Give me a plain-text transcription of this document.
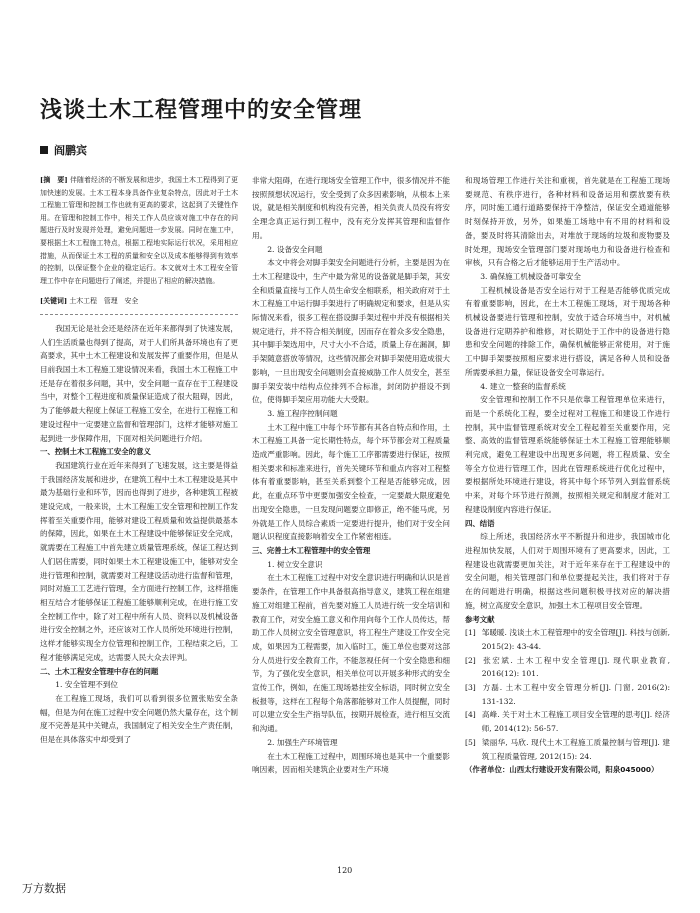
浅谈土木工程管理中的安全管理
阎鹏宾

[摘　要] 伴随着经济的不断发展和进步，我国土木工程得到了更加快速的发展。土木工程本身具备作业复杂特点，因此对于土木工程施工管理和控制工作也就有更高的要求，这起到了关键性作用。在管理和控制工作中，相关工作人员应该对施工中存在的问题进行及时发现并处理，避免问题进一步发展。同时在施工中，要根据土木工程施工特点，根据工程地实际运行状况，采用相应措施，从而保证土木工程的质量和安全以及成本能够得到有效率的控制，以保证整个企业的稳定运行。本文就对土木工程安全管理工作中存在问题进行了阐述，并提出了相应的解决措施。

[关键词] 土木工程　管理　安全

我国无论是社会还是经济在近年来都得到了快速发展，人们生活质量也得到了提高，对于人们所具备环境也有了更高要求，其中土木工程建设和发展发挥了重要作用，但是从目前我国土木工程施工建设情况来看，我国土木工程施工中还是存在着很多问题，其中，安全问题一直存在于工程建设当中，对整个工程进度和质量保证造成了很大阻碍，因此，为了能够最大程度上保证工程施工安全，在进行工程施工和建设过程中一定要建立监督和管理部门，这样才能够对施工起到进一步保障作用，下面对相关问题进行介绍。

一、控制土木工程施工安全的意义

我国建筑行业在近年来得到了飞速发展，这主要是得益于我国经济发展和进步，在建筑工程中土木工程建设是其中最为基础行业和环节，因而也得到了进步，各种建筑工程被建设完成，一般来说，土木工程施工安全管理和控制工作发挥着至关重要作用，能够对建设工程质量和效益提供最基本的保障，因此，如果在土木工程建设中能够保证安全完成，就需要在工程施工中首先建立质量管理系统，保证工程达到人们居住需要，同时如果土木工程建设施工中，能够对安全进行管理和控制，就需要对工程建设活动进行监督和管理，同时对施工工艺进行管理，全方面进行控制工作，这样措施相互结合才能够保证工程施工能够顺利完成，在进行施工安全控制工作中，除了对工程中所有人员、资料以及机械设备进行安全控制之外，还应该对工作人员所处环境进行控制，这样才能够实现全方位管理和控制工作，工程结束之后，工程才能够满足完成，达需要人民大众去评判。

二、土木工程安全管理中存在的问题

1. 安全管理不到位

在工程施工现场，我们可以看到很多位置张贴安全条幅，但是为何在施工过程中安全问题仍然大量存在，这个制度不完善是其中关键点，我国制定了相关安全生产责任制，但是在具体落实中却受到了

非常大阻碍，在进行现场安全管理工作中，很多情况并不能按照预想状况运行，安全受到了众多因素影响，从根本上来说，就是相关制度和机构没有完善，相关负责人员没有将安全理念真正运行到工程中，没有充分发挥其管理和监督作用。

2. 设备安全问题

本文中将会对脚手架安全问题进行分析，主要是因为在土木工程建设中，生产中最为常见的设备就是脚手架，其安全和质量直接与工作人员生命安全相联系，相关政府对于土木工程施工中运行脚手架进行了明确规定和要求，但是从实际情况来看，很多工程在搭设脚手架过程中并没有根据相关规定进行，并不符合相关制度，因而存在着众多安全隐患，其中脚手架选用中，尺寸大小不合适，质量上存在漏洞，脚手架随意搭放等情况，这些情况都会对脚手架使用造成很大影响，一旦出现安全问题则会直接威胁工作人员安全，甚至脚手架安装中结构点位排列不合标准，封闭防护措设不到位，使得脚手架应用功能大大受限。

3. 施工程序控制问题

土木工程中施工中每个环节都有其各自特点和作用，土木工程施工具备一定长期性特点，每个环节都会对工程质量造成严重影响。因此，每个施工工序都需要进行保证，按照相关要求和标准来进行，首先关键环节和重点内容对工程整体有着重要影响，甚至关系到整个工程是否能够完成，因此，在重点环节中更要加强安全检查，一定要最大限度避免出现安全隐患，一旦发现问题要立即修正，绝不能马虎，另外就是工作人员综合素质一定要进行提升，他们对于安全问题认识程度直接影响着安全工作紧密相连。

三、完善土木工程管理中的安全管理

1. 树立安全意识

在土木工程施工过程中对安全意识进行明确和认识是首要条件，在管理工作中具备很高指导意义，建筑工程在组建施工对组建工程前，首先要对施工人员进行统一安全培训和教育工作，对安全施工意义和作用向每个工作人员传达，帮助工作人员树立安全管理意识，将工程生产建设工作安全完成，如果因为工程需要，加入临时工，施工单位也要对这部分人员进行安全教育工作，不能忽视任何一个安全隐患和细节，为了强化安全意识，相关单位可以开展多种形式的安全宣传工作，例如，在施工现场悬挂安全标语，同时树立安全板报等，这样在工程每个角落都能够对工作人员提醒，同时可以建立安全生产指导队伍，按期开展检查，进行相互交流和沟通。

2. 加强生产环境管理

在土木工程施工过程中，周围环境也是其中一个重要影响因素，因而相关建筑企业要对生产环境

和现场管理工作进行关注和重视，首先就是在工程施工现场要规范、有秩序进行，各种材料和设备运用和摆放要有秩序，同时施工通行道路要保持干净整洁，保证安全通道能够时刻保持开放，另外，如果施工场地中有不用的材料和设备，要及时将其清除出去，对堆放于现场的垃圾和废物要及时处理，现场安全管理部门要对现场电力和设备进行检查和审核，只有合格之后才能够运用于生产活动中。

3. 确保施工机械设备可靠安全

工程机械设备是否安全运行对于工程是否能够优质完成有着重要影响，因此，在土木工程施工现场，对于现场各种机械设备要进行管理和控制，安放于适合环境当中，对机械设备进行定期养护和维修，对长期处于工作中的设备进行隐患和安全问题的排除工作，确保机械能够正常使用，对于施工中脚手架要按照相应要求进行搭设，满足各种人员和设备所需要承担力量，保证设备安全可靠运行。

4. 建立一整套的监督系统

安全管理和控制工作不只是依靠工程管理单位来进行，而是一个系统化工程，要全过程对工程施工和建设工作进行控制，其中监督管理系统对安全工程起着至关重要作用，完整、高效的监督管理系统能够保证土木工程施工管理能够顺利完成，避免工程建设中出现更多问题，将工程质量、安全等全方位进行管理工作，因此在管理系统进行优化过程中，要根据所处环境进行建设，将其中每个环节列入到监督系统中来，对每个环节进行预测，按照相关规定和制度才能对工程建设制度内容进行保证。

四、结语

综上所述，我国经济水平不断提升和进步，我国城市化进程加快发展，人们对于周围环境有了更高要求，因此，工程建设也就需要更加关注，对于近年来存在于工程建设中的安全问题，相关管理部门和单位要提起关注，我们将对于存在的问题进行明确，根据这些问题积极寻找对应的解决措施，树立高度安全意识，加强土木工程项目安全管理。

参考文献

[1] 邹暖暖. 浅谈土木工程管理中的安全管理[J]. 科技与创新, 2015(2): 43-44.

[2] 张宏斌. 土木工程中安全管理[J]. 现代职业教育, 2016(12): 101.

[3] 方磊. 土木工程中安全管理分析[J]. 门窗, 2016(2): 131-132.

[4] 高峰. 关于对土木工程施工项目安全管理的思考[J]. 经济师, 2014(12): 56-57.

[5] 梁丽华, 马欣. 现代土木工程施工质量控制与管理[J]. 建筑工程质量管理, 2012(15): 24.

（作者单位：山西太行建设开发有限公司，阳泉045000）

120
万方数据
